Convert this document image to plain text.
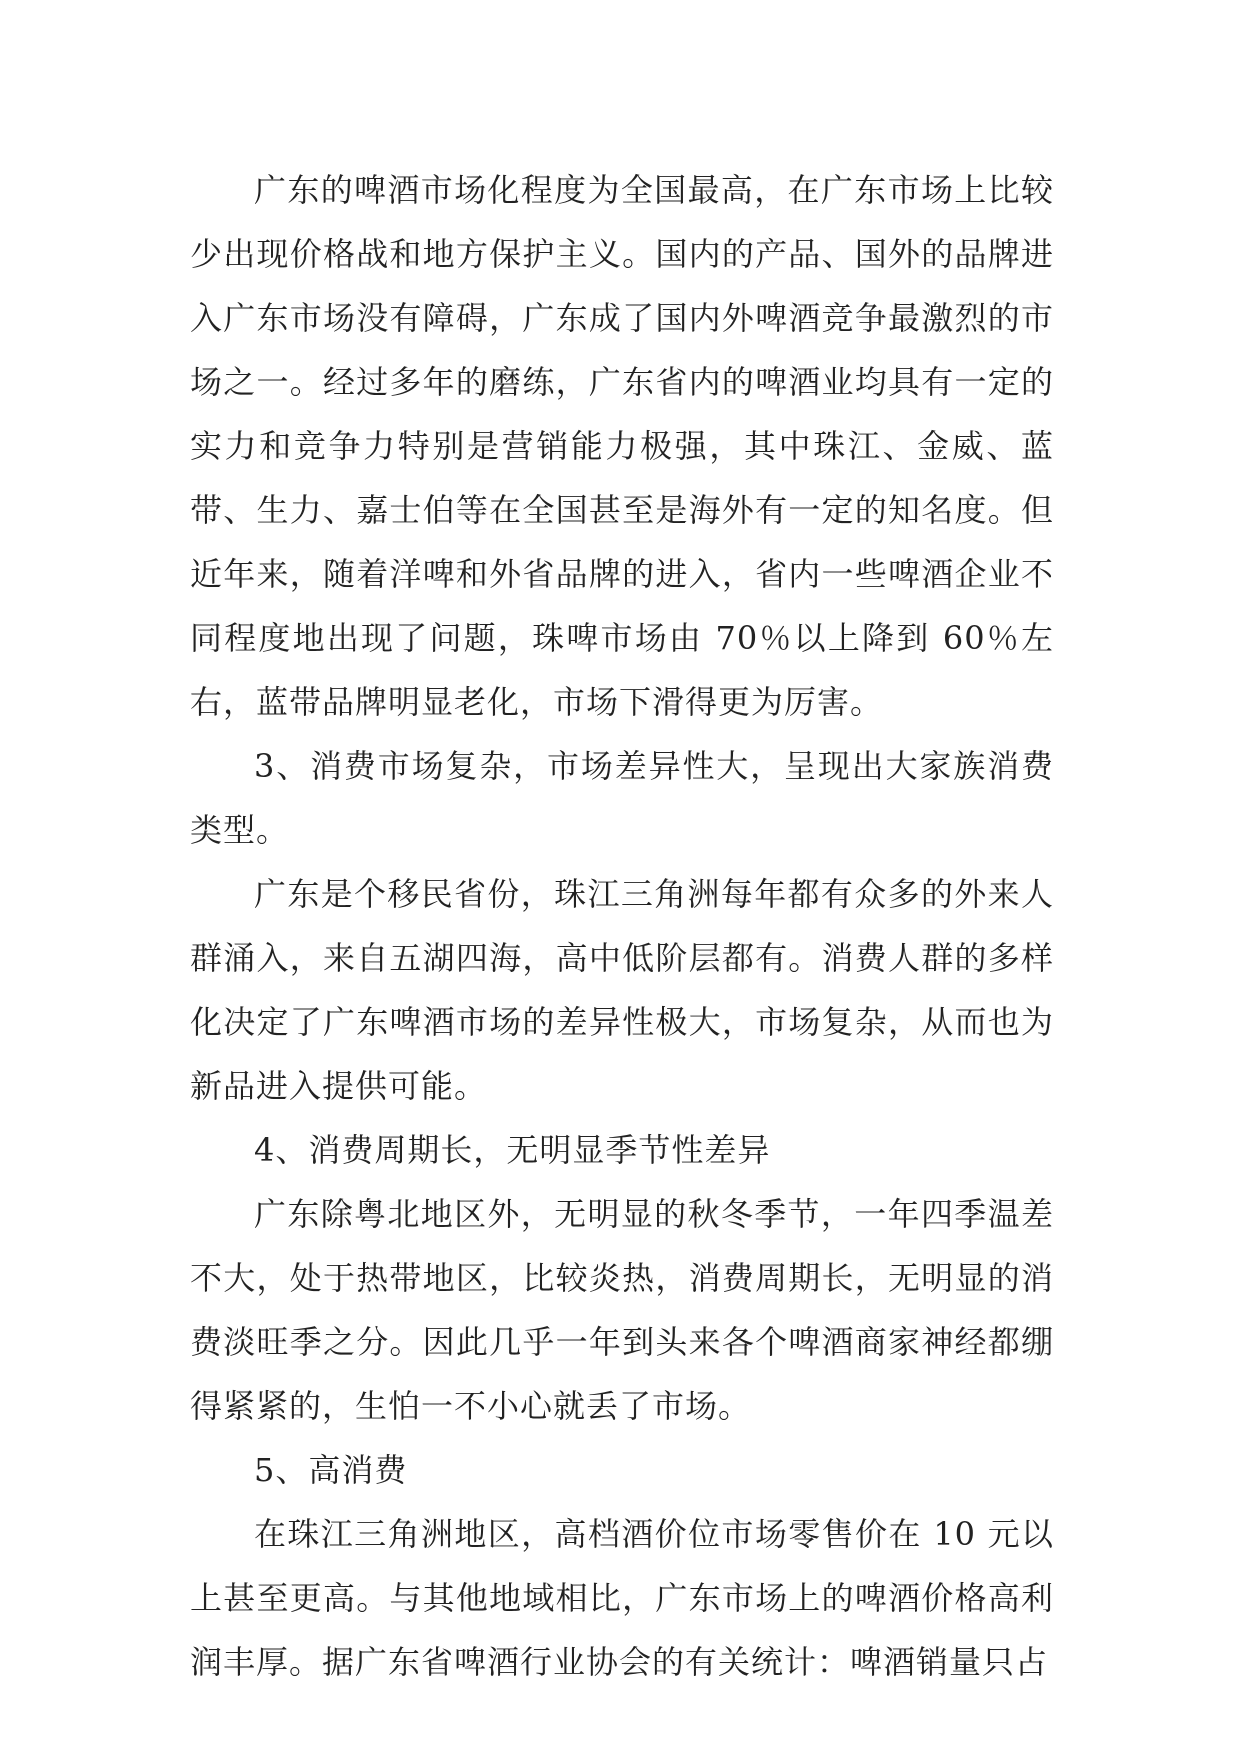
广东的啤酒市场化程度为全国最高，在广东市场上比较少出现价格战和地方保护主义。国内的产品、国外的品牌进入广东市场没有障碍，广东成了国内外啤酒竞争最激烈的市场之一。经过多年的磨练，广东省内的啤酒业均具有一定的实力和竞争力特别是营销能力极强，其中珠江、金威、蓝带、生力、嘉士伯等在全国甚至是海外有一定的知名度。但近年来，随着洋啤和外省品牌的进入，省内一些啤酒企业不同程度地出现了问题，珠啤市场由 70％以上降到 60％左右，蓝带品牌明显老化，市场下滑得更为厉害。

3、消费市场复杂，市场差异性大，呈现出大家族消费类型。

广东是个移民省份，珠江三角洲每年都有众多的外来人群涌入，来自五湖四海，高中低阶层都有。消费人群的多样化决定了广东啤酒市场的差异性极大，市场复杂，从而也为新品进入提供可能。

4、消费周期长，无明显季节性差异

广东除粤北地区外，无明显的秋冬季节，一年四季温差不大，处于热带地区，比较炎热，消费周期长，无明显的消费淡旺季之分。因此几乎一年到头来各个啤酒商家神经都绷得紧紧的，生怕一不小心就丢了市场。

5、高消费

在珠江三角洲地区，高档酒价位市场零售价在 10 元以上甚至更高。与其他地域相比，广东市场上的啤酒价格高利润丰厚。据广东省啤酒行业协会的有关统计：啤酒销量只占
